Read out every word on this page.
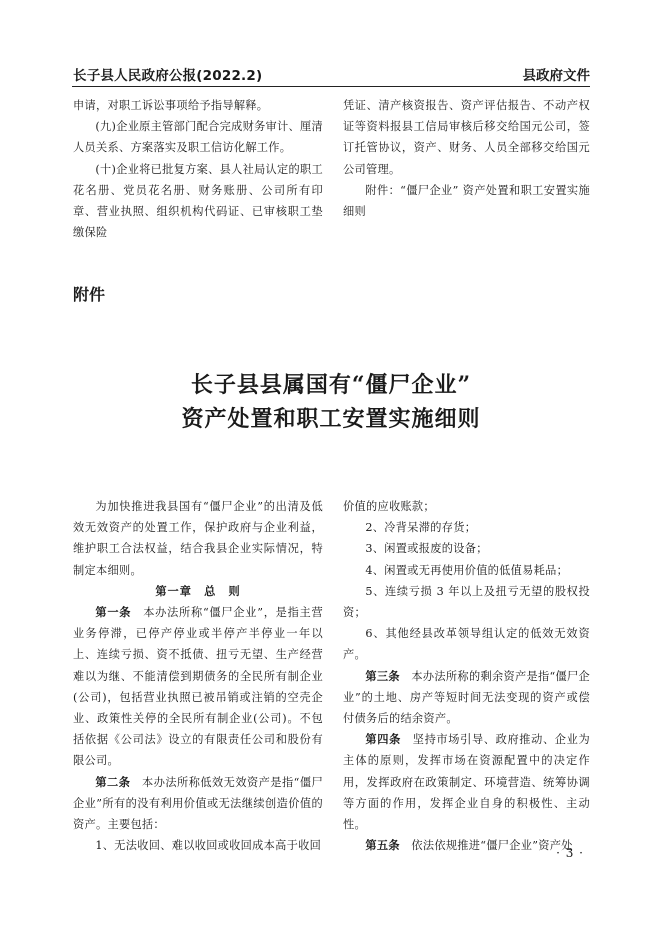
长子县人民政府公报(2022.2)	县政府文件

申请，对职工诉讼事项给予指导解释。

(九)企业原主管部门配合完成财务审计、厘清人员关系、方案落实及职工信访化解工作。

(十)企业将已批复方案、县人社局认定的职工花名册、党员花名册、财务账册、公司所有印章、营业执照、组织机构代码证、已审核职工垫缴保险

凭证、清产核资报告、资产评估报告、不动产权证等资料报县工信局审核后移交给国元公司，签订托管协议，资产、财务、人员全部移交给国元公司管理。

附件：“僵尸企业” 资产处置和职工安置实施细则

附件
长子县县属国有“僵尸企业”
资产处置和职工安置实施细则

为加快推进我县国有“僵尸企业”的出清及低效无效资产的处置工作，保护政府与企业利益，维护职工合法权益，结合我县企业实际情况，特制定本细则。

第一章　总　则

第一条　 本办法所称“僵尸企业”，是指主营业务停滞，已停产停业或半停产半停业一年以上、连续亏损、资不抵债、扭亏无望、生产经营难以为继、不能清偿到期债务的全民所有制企业(公司)，包括营业执照已被吊销或注销的空壳企业、政策性关停的全民所有制企业(公司)。不包括依据《公司法》设立的有限责任公司和股份有限公司。

第二条　 本办法所称低效无效资产是指“僵尸企业”所有的没有利用价值或无法继续创造价值的资产。主要包括：

1、无法收回、难以收回或收回成本高于收回

价值的应收账款；

2、冷背呆滞的存货；

3、闲置或报废的设备；

4、闲置或无再使用价值的低值易耗品；

5、连续亏损 3 年以上及扭亏无望的股权投资；

6、其他经县改革领导组认定的低效无效资产。

第三条　 本办法所称的剩余资产是指“僵尸企业”的土地、房产等短时间无法变现的资产或偿付债务后的结余资产。

第四条　 坚持市场引导、政府推动、企业为主体的原则，发挥市场在资源配置中的决定作用，发挥政府在政策制定、环境营造、统筹协调等方面的作用，发挥企业自身的积极性、主动性。

第五条　 依法依规推进“僵尸企业”资产处

· 3 ·
